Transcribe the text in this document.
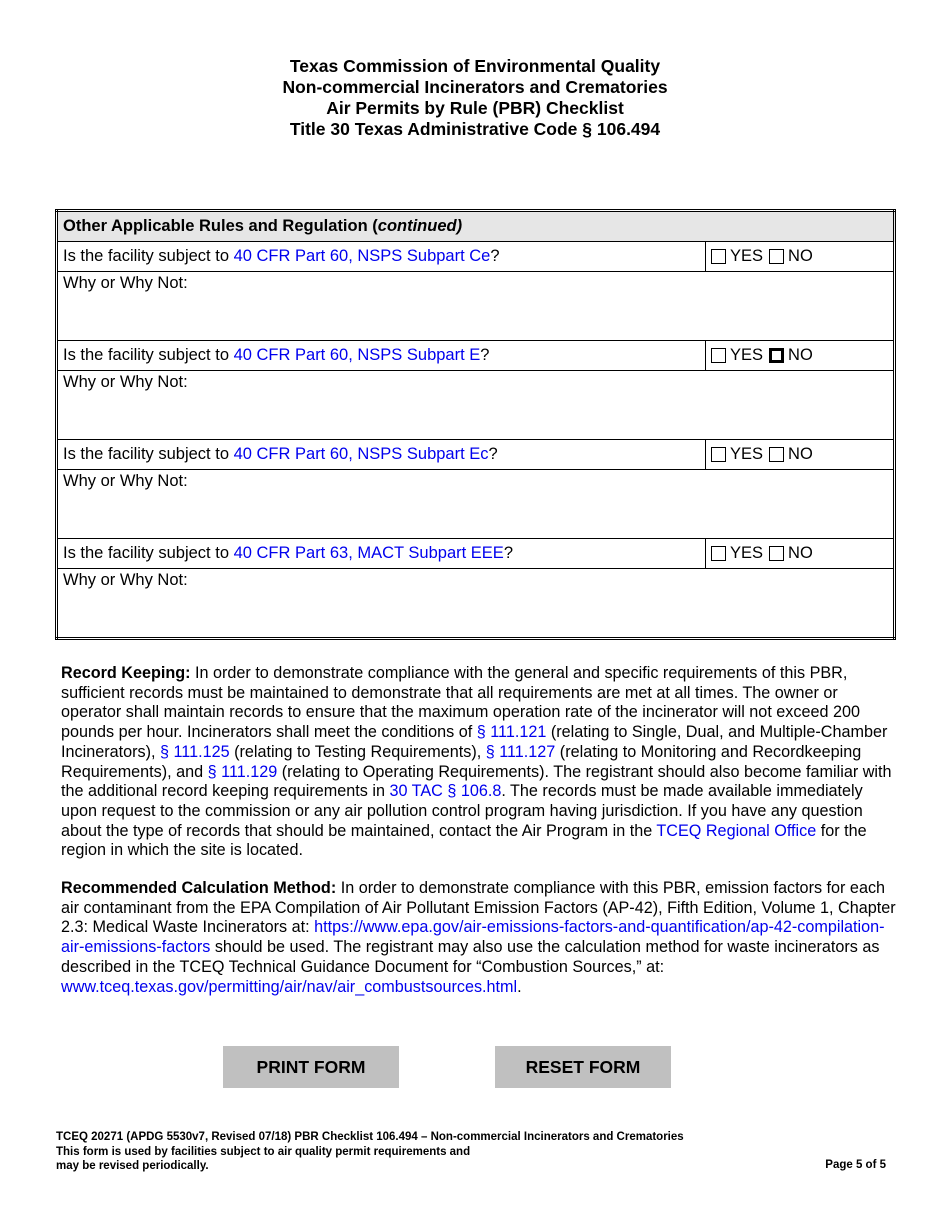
Texas Commission of Environmental Quality
Non-commercial Incinerators and Crematories
Air Permits by Rule (PBR) Checklist
Title 30 Texas Administrative Code § 106.494
Other Applicable Rules and Regulation (continued)	
Is the facility subject to 40 CFR Part 60, NSPS Subpart Ce?	YES NO
Why or Why Not:	
Is the facility subject to 40 CFR Part 60, NSPS Subpart E?	YES NO
Why or Why Not:	
Is the facility subject to 40 CFR Part 60, NSPS Subpart Ec?	YES NO
Why or Why Not:	
Is the facility subject to 40 CFR Part 63, MACT Subpart EEE?	YES NO
Why or Why Not:	
Record Keeping: In order to demonstrate compliance with the general and specific requirements of this PBR, sufficient records must be maintained to demonstrate that all requirements are met at all times. The owner or operator shall maintain records to ensure that the maximum operation rate of the incinerator will not exceed 200 pounds per hour. Incinerators shall meet the conditions of § 111.121 (relating to Single, Dual, and Multiple-Chamber Incinerators), § 111.125 (relating to Testing Requirements), § 111.127 (relating to Monitoring and Recordkeeping Requirements), and § 111.129 (relating to Operating Requirements). The registrant should also become familiar with the additional record keeping requirements in 30 TAC § 106.8. The records must be made available immediately upon request to the commission or any air pollution control program having jurisdiction. If you have any question about the type of records that should be maintained, contact the Air Program in the TCEQ Regional Office for the region in which the site is located.
Recommended Calculation Method: In order to demonstrate compliance with this PBR, emission factors for each air contaminant from the EPA Compilation of Air Pollutant Emission Factors (AP-42), Fifth Edition, Volume 1, Chapter 2.3: Medical Waste Incinerators at: https://www.epa.gov/air-emissions-factors-and-quantification/ap-42-compilation-air-emissions-factors should be used. The registrant may also use the calculation method for waste incinerators as described in the TCEQ Technical Guidance Document for “Combustion Sources,” at: www.tceq.texas.gov/permitting/air/nav/air_combustsources.html.
PRINT FORM	RESET FORM
TCEQ 20271 (APDG 5530v7, Revised 07/18) PBR Checklist 106.494 – Non-commercial Incinerators and Crematories
This form is used by facilities subject to air quality permit requirements and
may be revised periodically.	Page 5 of 5
